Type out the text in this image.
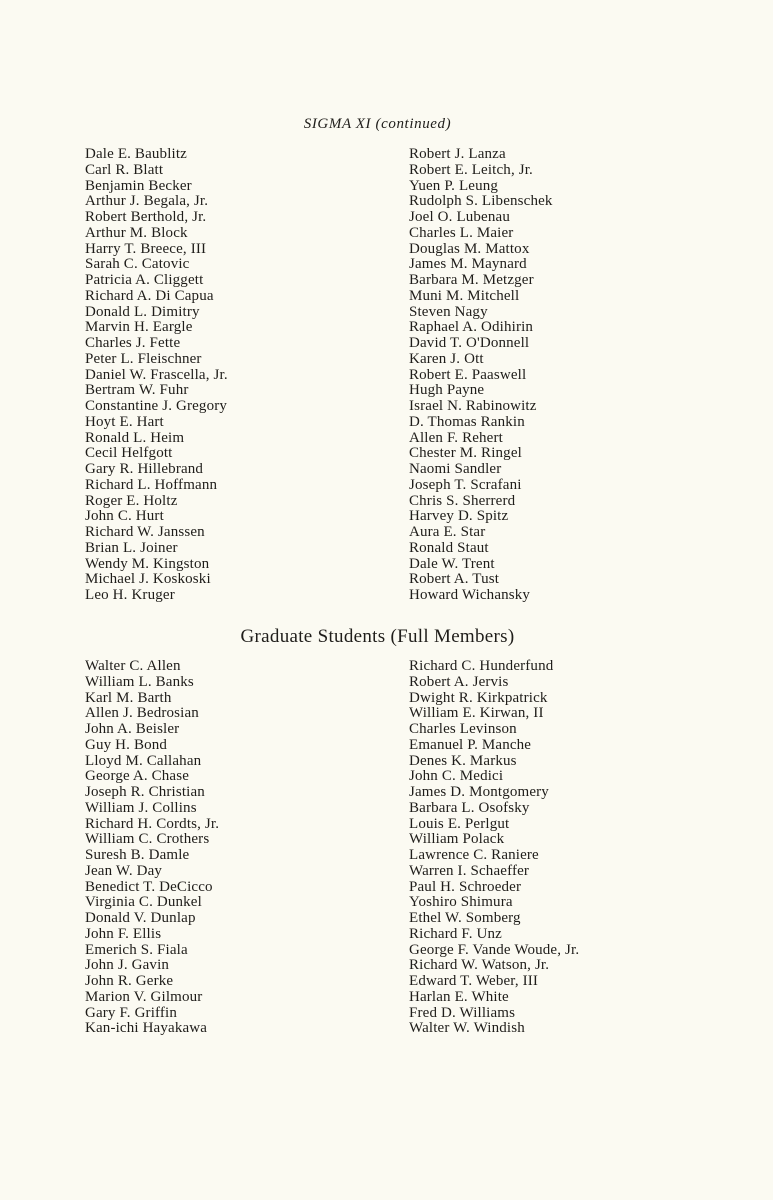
SIGMA XI (continued)
Dale E. Baublitz
Carl R. Blatt
Benjamin Becker
Arthur J. Begala, Jr.
Robert Berthold, Jr.
Arthur M. Block
Harry T. Breece, III
Sarah C. Catovic
Patricia A. Cliggett
Richard A. Di Capua
Donald L. Dimitry
Marvin H. Eargle
Charles J. Fette
Peter L. Fleischner
Daniel W. Frascella, Jr.
Bertram W. Fuhr
Constantine J. Gregory
Hoyt E. Hart
Ronald L. Heim
Cecil Helfgott
Gary R. Hillebrand
Richard L. Hoffmann
Roger E. Holtz
John C. Hurt
Richard W. Janssen
Brian L. Joiner
Wendy M. Kingston
Michael J. Koskoski
Leo H. Kruger
Robert J. Lanza
Robert E. Leitch, Jr.
Yuen P. Leung
Rudolph S. Libenschek
Joel O. Lubenau
Charles L. Maier
Douglas M. Mattox
James M. Maynard
Barbara M. Metzger
Muni M. Mitchell
Steven Nagy
Raphael A. Odihirin
David T. O'Donnell
Karen J. Ott
Robert E. Paaswell
Hugh Payne
Israel N. Rabinowitz
D. Thomas Rankin
Allen F. Rehert
Chester M. Ringel
Naomi Sandler
Joseph T. Scrafani
Chris S. Sherrerd
Harvey D. Spitz
Aura E. Star
Ronald Staut
Dale W. Trent
Robert A. Tust
Howard Wichansky
Graduate Students (Full Members)
Walter C. Allen
William L. Banks
Karl M. Barth
Allen J. Bedrosian
John A. Beisler
Guy H. Bond
Lloyd M. Callahan
George A. Chase
Joseph R. Christian
William J. Collins
Richard H. Cordts, Jr.
William C. Crothers
Suresh B. Damle
Jean W. Day
Benedict T. DeCicco
Virginia C. Dunkel
Donald V. Dunlap
John F. Ellis
Emerich S. Fiala
John J. Gavin
John R. Gerke
Marion V. Gilmour
Gary F. Griffin
Kan-ichi Hayakawa
Richard C. Hunderfund
Robert A. Jervis
Dwight R. Kirkpatrick
William E. Kirwan, II
Charles Levinson
Emanuel P. Manche
Denes K. Markus
John C. Medici
James D. Montgomery
Barbara L. Osofsky
Louis E. Perlgut
William Polack
Lawrence C. Raniere
Warren I. Schaeffer
Paul H. Schroeder
Yoshiro Shimura
Ethel W. Somberg
Richard F. Unz
George F. Vande Woude, Jr.
Richard W. Watson, Jr.
Edward T. Weber, III
Harlan E. White
Fred D. Williams
Walter W. Windish
